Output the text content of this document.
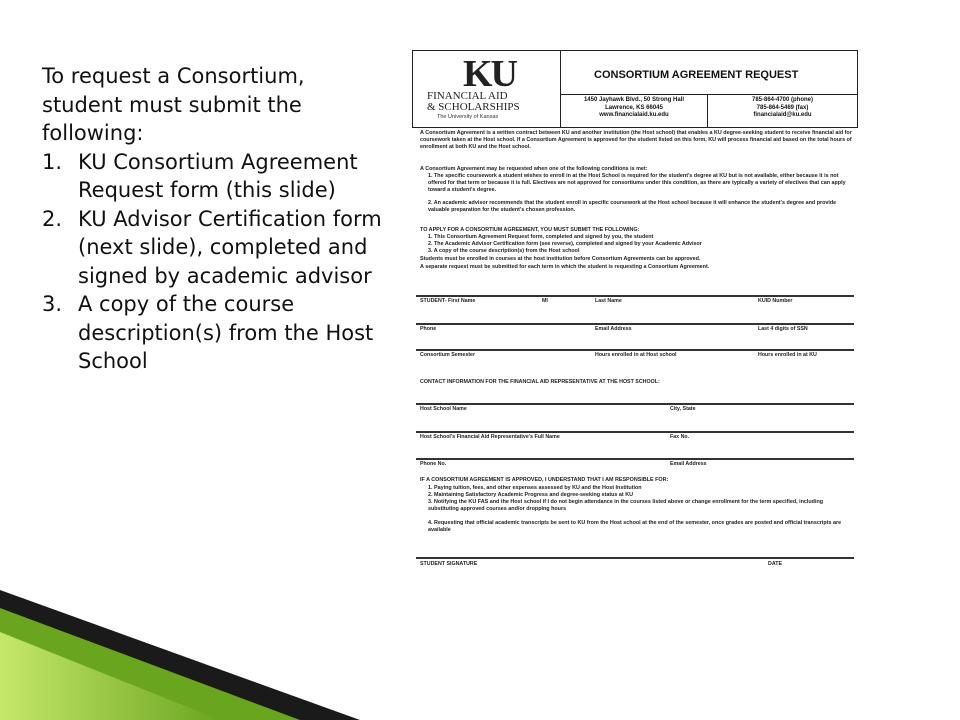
To request a Consortium, student must submit the following:

1. KU Consortium Agreement Request form (this slide)
2. KU Advisor Certification form (next slide), completed and signed by academic advisor
3. A copy of the course description(s) from the Host School
KU
FINANCIAL AID
& SCHOLARSHIPS
The University of Kansas
CONSORTIUM AGREEMENT REQUEST
1450 Jayhawk Blvd., 50 Strong Hall
Lawrence, KS 66045
www.financialaid.ku.edu
785-864-4700 (phone)
785-864-5469 (fax)
financialaid@ku.edu
A Consortium Agreement is a written contract between KU and another institution (the Host school) that enables a KU degree-seeking student to receive financial aid for coursework taken at the Host school. If a Consortium Agreement is approved for the student listed on this form, KU will process financial aid based on the total hours of enrollment at both KU and the Host school.
A Consortium Agreement may be requested when one of the following conditions is met:
1. The specific coursework a student wishes to enroll in at the Host School is required for the student's degree at KU but is not available, either because it is not offered for that term or because it is full. Electives are not approved for consortiums under this condition, as there are typically a variety of electives that can apply toward a student's degree.
2. An academic advisor recommends that the student enroll in specific coursework at the Host school because it will enhance the student's degree and provide valuable preparation for the student's chosen profession.
TO APPLY FOR A CONSORTIUM AGREEMENT, YOU MUST SUBMIT THE FOLLOWING:
1. This Consortium Agreement Request form, completed and signed by you, the student
2. The Academic Advisor Certification form (see reverse), completed and signed by your Academic Advisor
3. A copy of the course description(s) from the Host school
Students must be enrolled in courses at the host institution before Consortium Agreements can be approved.
A separate request must be submitted for each term in which the student is requesting a Consortium Agreement.
STUDENT- First Name	MI	Last Name	KUID Number
Phone	Email Address	Last 4 digits of SSN
Consortium Semester	Hours enrolled in at Host school	Hours enrolled in at KU
CONTACT INFORMATION FOR THE FINANCIAL AID REPRESENTATIVE AT THE HOST SCHOOL:
Host School Name	City, State
Host School's Financial Aid Representative's Full Name	Fax No.
Phone No.	Email Address
IF A CONSORTIUM AGREEMENT IS APPROVED, I UNDERSTAND THAT I AM RESPONSIBLE FOR:
1. Paying tuition, fees, and other expenses assessed by KU and the Host Institution
2. Maintaining Satisfactory Academic Progress and degree-seeking status at KU
3. Notifying the KU FAS and the Host school if I do not begin attendance in the courses listed above or change enrollment for the term specified, including substituting approved courses and/or dropping hours
4. Requesting that official academic transcripts be sent to KU from the Host school at the end of the semester, once grades are posted and official transcripts are available
STUDENT SIGNATURE	DATE
